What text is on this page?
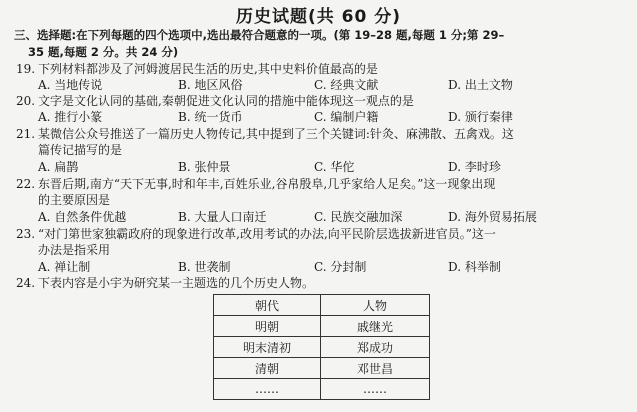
历史试题(共 60 分)
三、选择题:在下列每题的四个选项中,选出最符合题意的一项。(第 19–28 题,每题 1 分;第 29–
35 题,每题 2 分。共 24 分)
19. 下列材料都涉及了河姆渡居民生活的历史,其中史料价值最高的是
A. 当地传说	B. 地区风俗	C. 经典文献	D. 出土文物
20. 文字是文化认同的基础,秦朝促进文化认同的措施中能体现这一观点的是
A. 推行小篆	B. 统一货币	C. 编制户籍	D. 颁行秦律
21. 某微信公众号推送了一篇历史人物传记,其中提到了三个关键词:针灸、麻沸散、五禽戏。这
篇传记描写的是
A. 扁鹊	B. 张仲景	C. 华佗	D. 李时珍
22. 东晋后期,南方“天下无事,时和年丰,百姓乐业,谷帛殷阜,几乎家给人足矣。”这一现象出现
的主要原因是
A. 自然条件优越	B. 大量人口南迁	C. 民族交融加深	D. 海外贸易拓展
23. “对门第世家独霸政府的现象进行改革,改用考试的办法,向平民阶层选拔新进官员。”这一
办法是指采用
A. 禅让制	B. 世袭制	C. 分封制	D. 科举制
24. 下表内容是小宇为研究某一主题选的几个历史人物。
朝代	人物
明朝	戚继光
明末清初	郑成功
清朝	邓世昌
……	……
